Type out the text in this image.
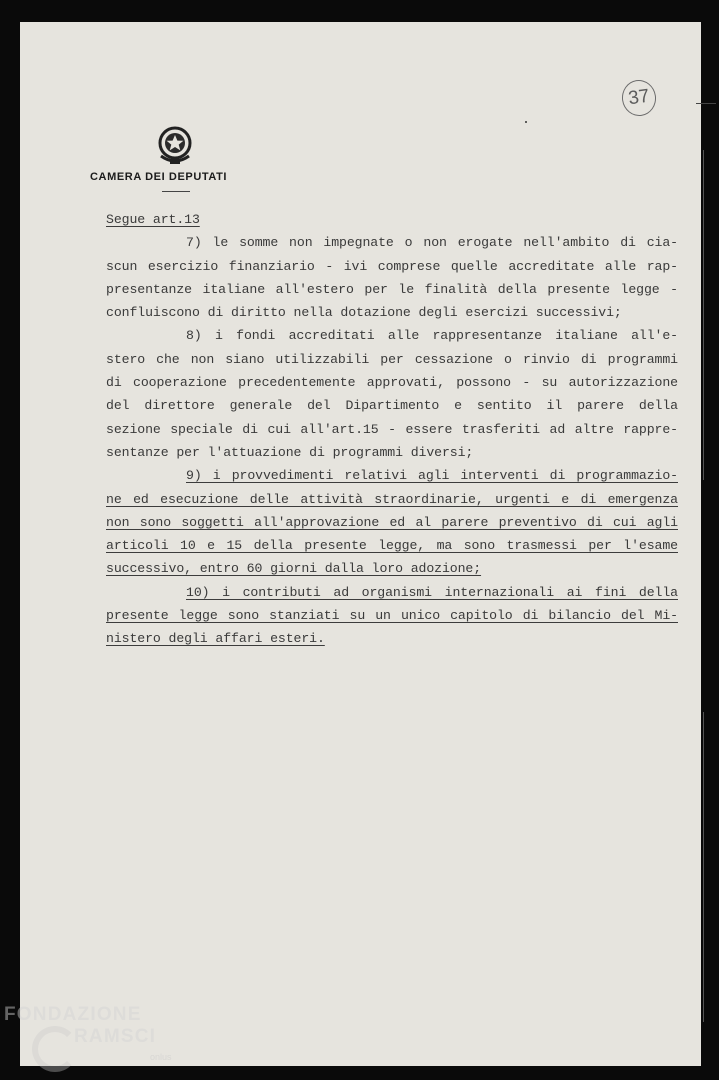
37
CAMERA DEI DEPUTATI
Segue art.13
7) le somme non impegnate o non erogate nell'ambito di cia-
scun esercizio finanziario - ivi comprese quelle accreditate alle rap-
presentanze italiane all'estero per le finalità della presente legge -
confluiscono di diritto nella dotazione degli esercizi successivi;
8) i fondi accreditati alle rappresentanze italiane all'e-
stero che non siano utilizzabili per cessazione o rinvio di programmi
di cooperazione precedentemente approvati, possono - su autorizzazione
del direttore generale del Dipartimento e sentito il parere della
sezione speciale di cui all'art.15 - essere trasferiti ad altre rappre-
sentanze per l'attuazione di programmi diversi;
9) i provvedimenti relativi agli interventi di programmazio-
ne ed esecuzione delle attività straordinarie, urgenti e di emergenza
non sono soggetti all'approvazione ed al parere preventivo di cui agli
articoli 10 e 15 della presente legge, ma sono trasmessi per l'esame
successivo, entro 60 giorni dalla loro adozione;
10) i contributi ad organismi internazionali ai fini della
presente legge sono stanziati su un unico capitolo di bilancio del Mi-
nistero degli affari esteri.
FONDAZIONE
RAMSCI
onlus
